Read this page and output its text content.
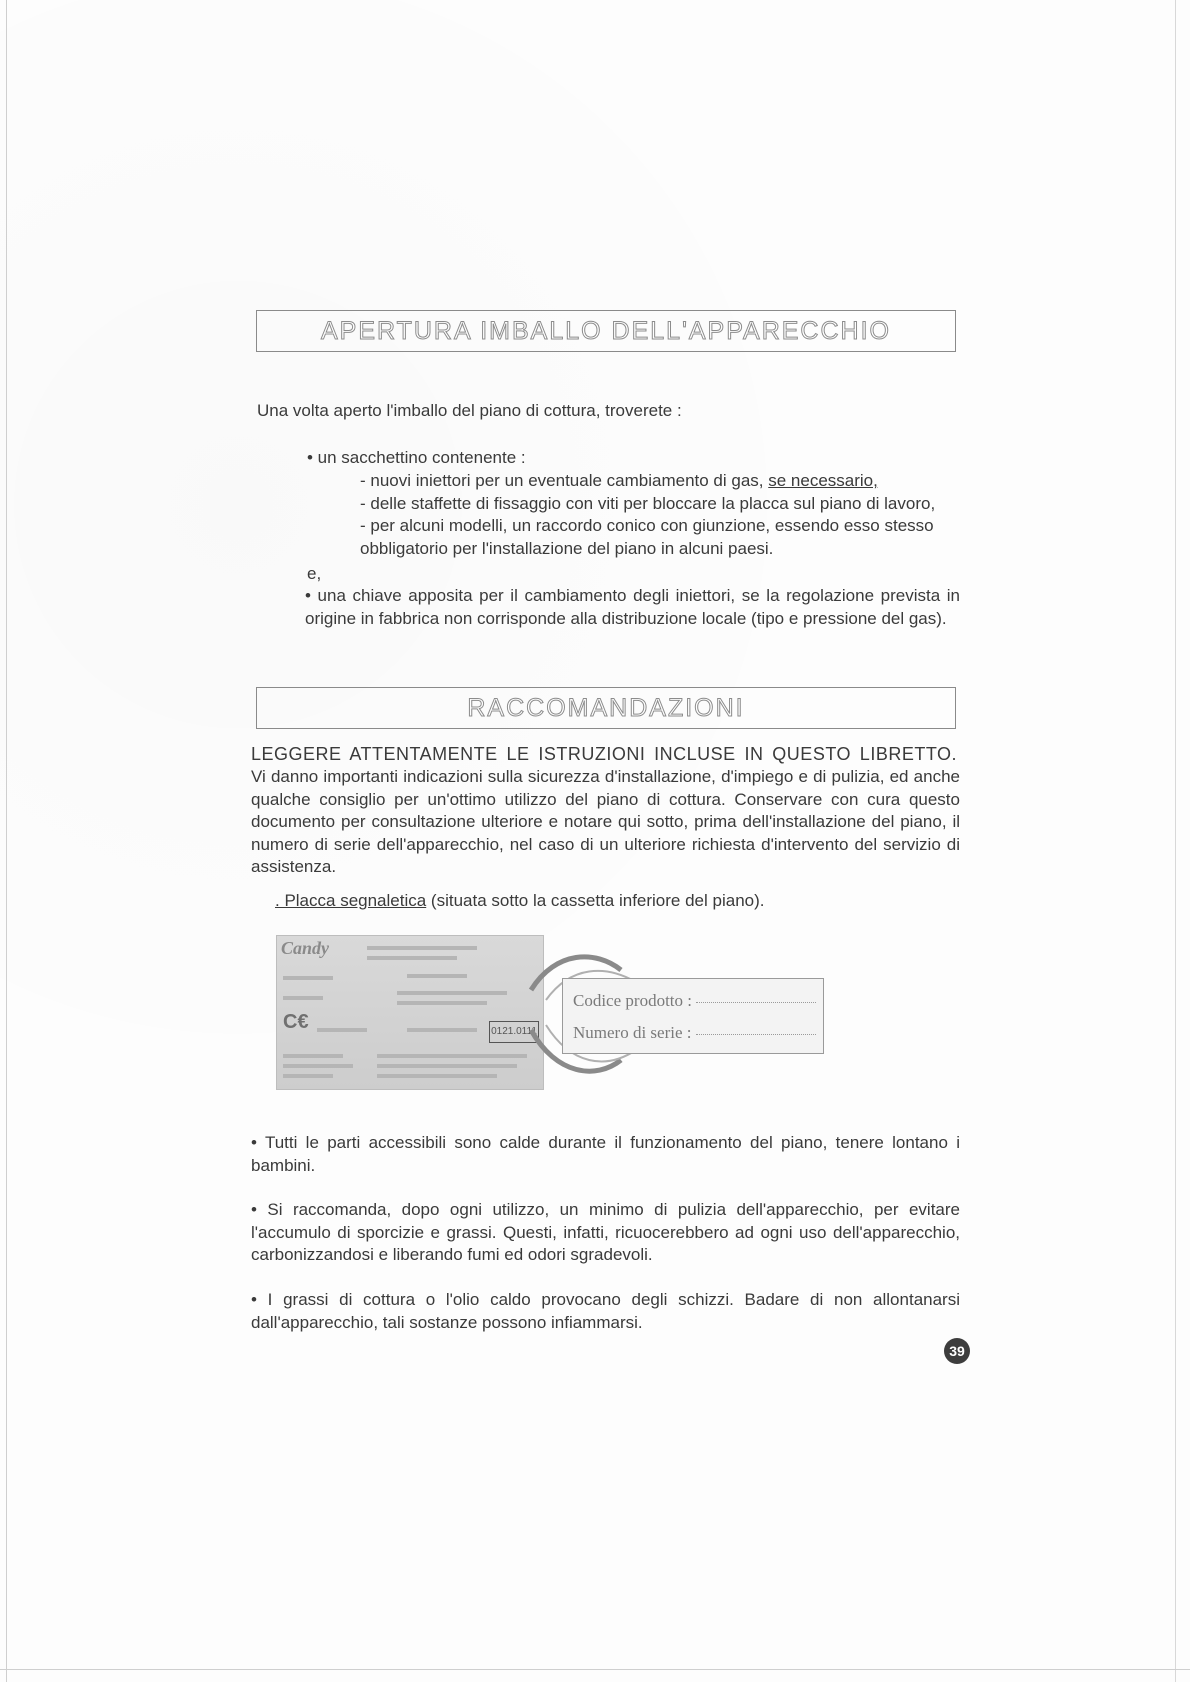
APERTURA IMBALLO DELL'APPARECCHIO

Una volta aperto l'imballo del piano di cottura, troverete :

• un sacchettino contenente :

- nuovi iniettori per un eventuale cambiamento di gas, se necessario,
- delle staffette di fissaggio con viti per bloccare la placca sul piano di lavoro,
- per alcuni modelli, un raccordo conico con giunzione, essendo esso stesso
obbligatorio per l'installazione del piano in alcuni paesi.

e,

• una chiave apposita per il cambiamento degli iniettori, se la regolazione prevista in origine in fabbrica non corrisponde alla distribuzione locale (tipo e pressione del gas).

RACCOMANDAZIONI

LEGGERE ATTENTAMENTE LE ISTRUZIONI INCLUSE IN QUESTO LIBRETTO.

Vi danno importanti indicazioni sulla sicurezza d'installazione, d'impiego e di pulizia, ed anche qualche consiglio per un'ottimo utilizzo del piano di cottura. Conservare con cura questo documento per consultazione ulteriore e notare qui sotto, prima dell'installazione del piano, il numero di serie dell'apparecchio, nel caso di un ulteriore richiesta d'intervento del servizio di assistenza.

. Placca segnaletica (situata sotto la cassetta inferiore del piano).

Candy
C€	0121.0111
Codice prodotto :
Numero di serie :

• Tutti le parti accessibili sono calde durante il funzionamento del piano, tenere lontano i bambini.

• Si raccomanda, dopo ogni utilizzo, un minimo di pulizia dell'apparecchio, per evitare l'accumulo di sporcizie e grassi. Questi, infatti, ricuocerebbero ad ogni uso dell'apparecchio, carbonizzandosi e liberando fumi ed odori sgradevoli.

• I grassi di cottura o l'olio caldo provocano degli schizzi. Badare di non allontanarsi dall'apparecchio, tali sostanze possono infiammarsi.

39
